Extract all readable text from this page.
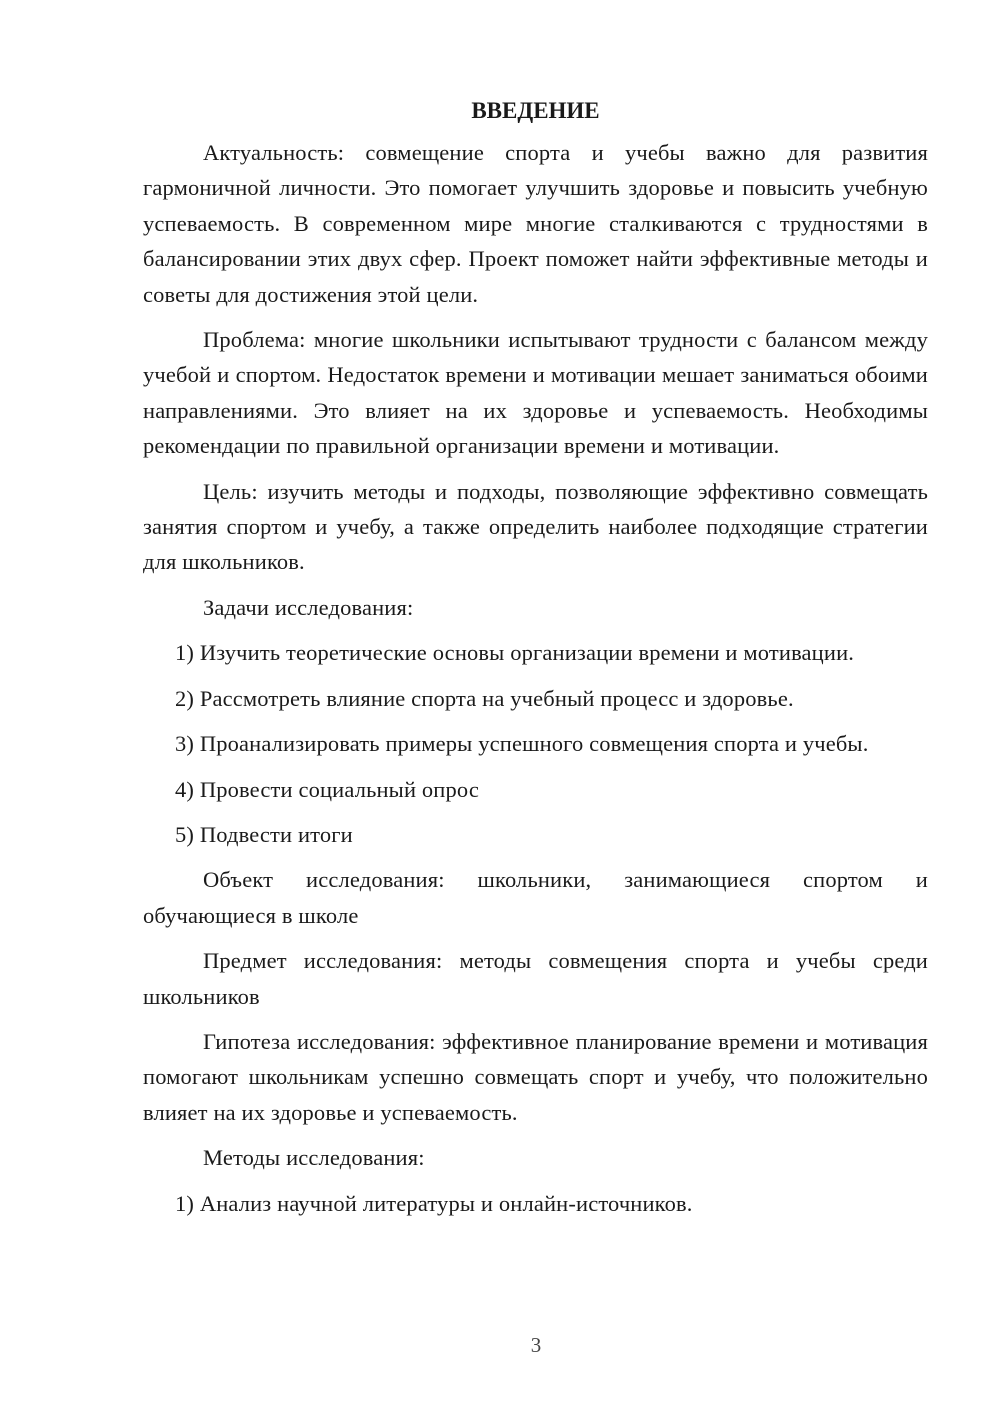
ВВЕДЕНИЕ

Актуальность: совмещение спорта и учебы важно для развития гармоничной личности. Это помогает улучшить здоровье и повысить учебную успеваемость. В современном мире многие сталкиваются с трудностями в балансировании этих двух сфер. Проект поможет найти эффективные методы и советы для достижения этой цели.

Проблема: многие школьники испытывают трудности с балансом между учебой и спортом. Недостаток времени и мотивации мешает заниматься обоими направлениями. Это влияет на их здоровье и успеваемость. Необходимы рекомендации по правильной организации времени и мотивации.

Цель: изучить методы и подходы, позволяющие эффективно совмещать занятия спортом и учебу, а также определить наиболее подходящие стратегии для школьников.

Задачи исследования:

1) Изучить теоретические основы организации времени и мотивации.

2) Рассмотреть влияние спорта на учебный процесс и здоровье.

3) Проанализировать примеры успешного совмещения спорта и учебы.

4) Провести социальный опрос

5) Подвести итоги

Объект исследования: школьники, занимающиеся спортом и обучающиеся в школе

Предмет исследования: методы совмещения спорта и учебы среди школьников

Гипотеза исследования: эффективное планирование времени и мотивация помогают школьникам успешно совмещать спорт и учебу, что положительно влияет на их здоровье и успеваемость.

Методы исследования:

1) Анализ научной литературы и онлайн-источников.

3
